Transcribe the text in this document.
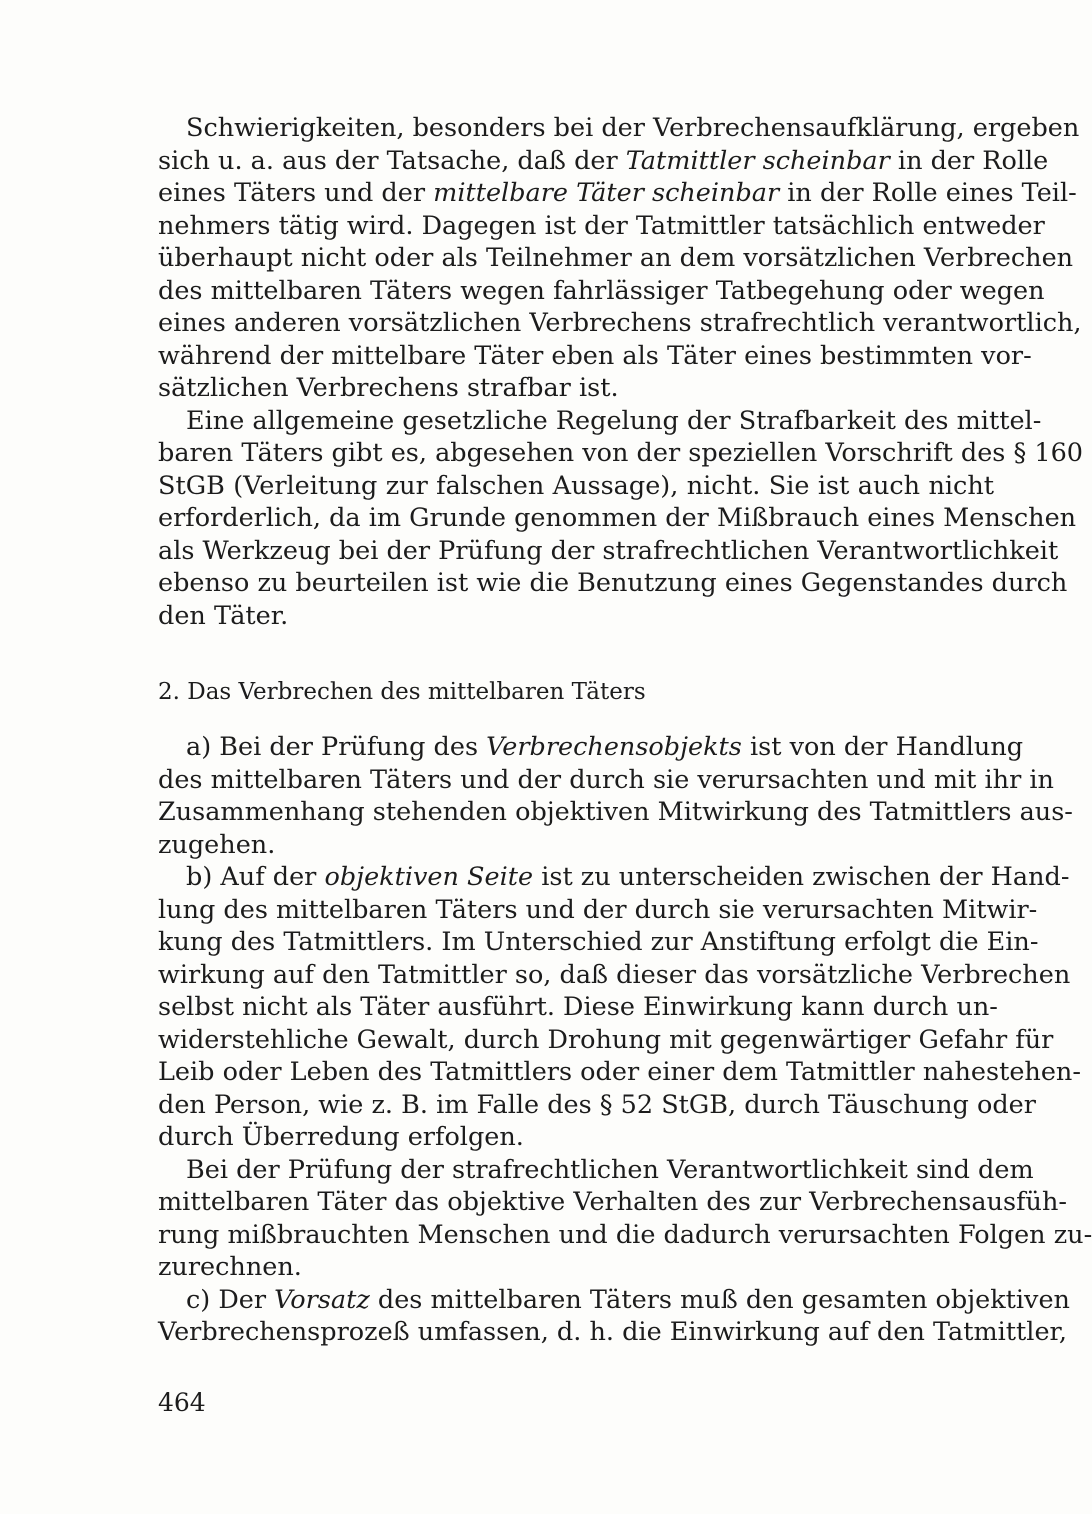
Schwierigkeiten, besonders bei der Verbrechensaufklärung, ergeben
sich u. a. aus der Tatsache, daß der Tatmittler scheinbar in der Rolle
eines Täters und der mittelbare Täter scheinbar in der Rolle eines Teil-
nehmers tätig wird. Dagegen ist der Tatmittler tatsächlich entweder
überhaupt nicht oder als Teilnehmer an dem vorsätzlichen Verbrechen
des mittelbaren Täters wegen fahrlässiger Tatbegehung oder wegen
eines anderen vorsätzlichen Verbrechens strafrechtlich verantwortlich,
während der mittelbare Täter eben als Täter eines bestimmten vor-
sätzlichen Verbrechens strafbar ist.
Eine allgemeine gesetzliche Regelung der Strafbarkeit des mittel-
baren Täters gibt es, abgesehen von der speziellen Vorschrift des § 160
StGB (Verleitung zur falschen Aussage), nicht. Sie ist auch nicht
erforderlich, da im Grunde genommen der Mißbrauch eines Menschen
als Werkzeug bei der Prüfung der strafrechtlichen Verantwortlichkeit
ebenso zu beurteilen ist wie die Benutzung eines Gegenstandes durch
den Täter.
2. Das Verbrechen des mittelbaren Täters
a) Bei der Prüfung des Verbrechensobjekts ist von der Handlung
des mittelbaren Täters und der durch sie verursachten und mit ihr in
Zusammenhang stehenden objektiven Mitwirkung des Tatmittlers aus-
zugehen.
b) Auf der objektiven Seite ist zu unterscheiden zwischen der Hand-
lung des mittelbaren Täters und der durch sie verursachten Mitwir-
kung des Tatmittlers. Im Unterschied zur Anstiftung erfolgt die Ein-
wirkung auf den Tatmittler so, daß dieser das vorsätzliche Verbrechen
selbst nicht als Täter ausführt. Diese Einwirkung kann durch un-
widerstehliche Gewalt, durch Drohung mit gegenwärtiger Gefahr für
Leib oder Leben des Tatmittlers oder einer dem Tatmittler nahestehen-
den Person, wie z. B. im Falle des § 52 StGB, durch Täuschung oder
durch Überredung erfolgen.
Bei der Prüfung der strafrechtlichen Verantwortlichkeit sind dem
mittelbaren Täter das objektive Verhalten des zur Verbrechensausfüh-
rung mißbrauchten Menschen und die dadurch verursachten Folgen zu-
zurechnen.
c) Der Vorsatz des mittelbaren Täters muß den gesamten objektiven
Verbrechensprozeß umfassen, d. h. die Einwirkung auf den Tatmittler,
464
